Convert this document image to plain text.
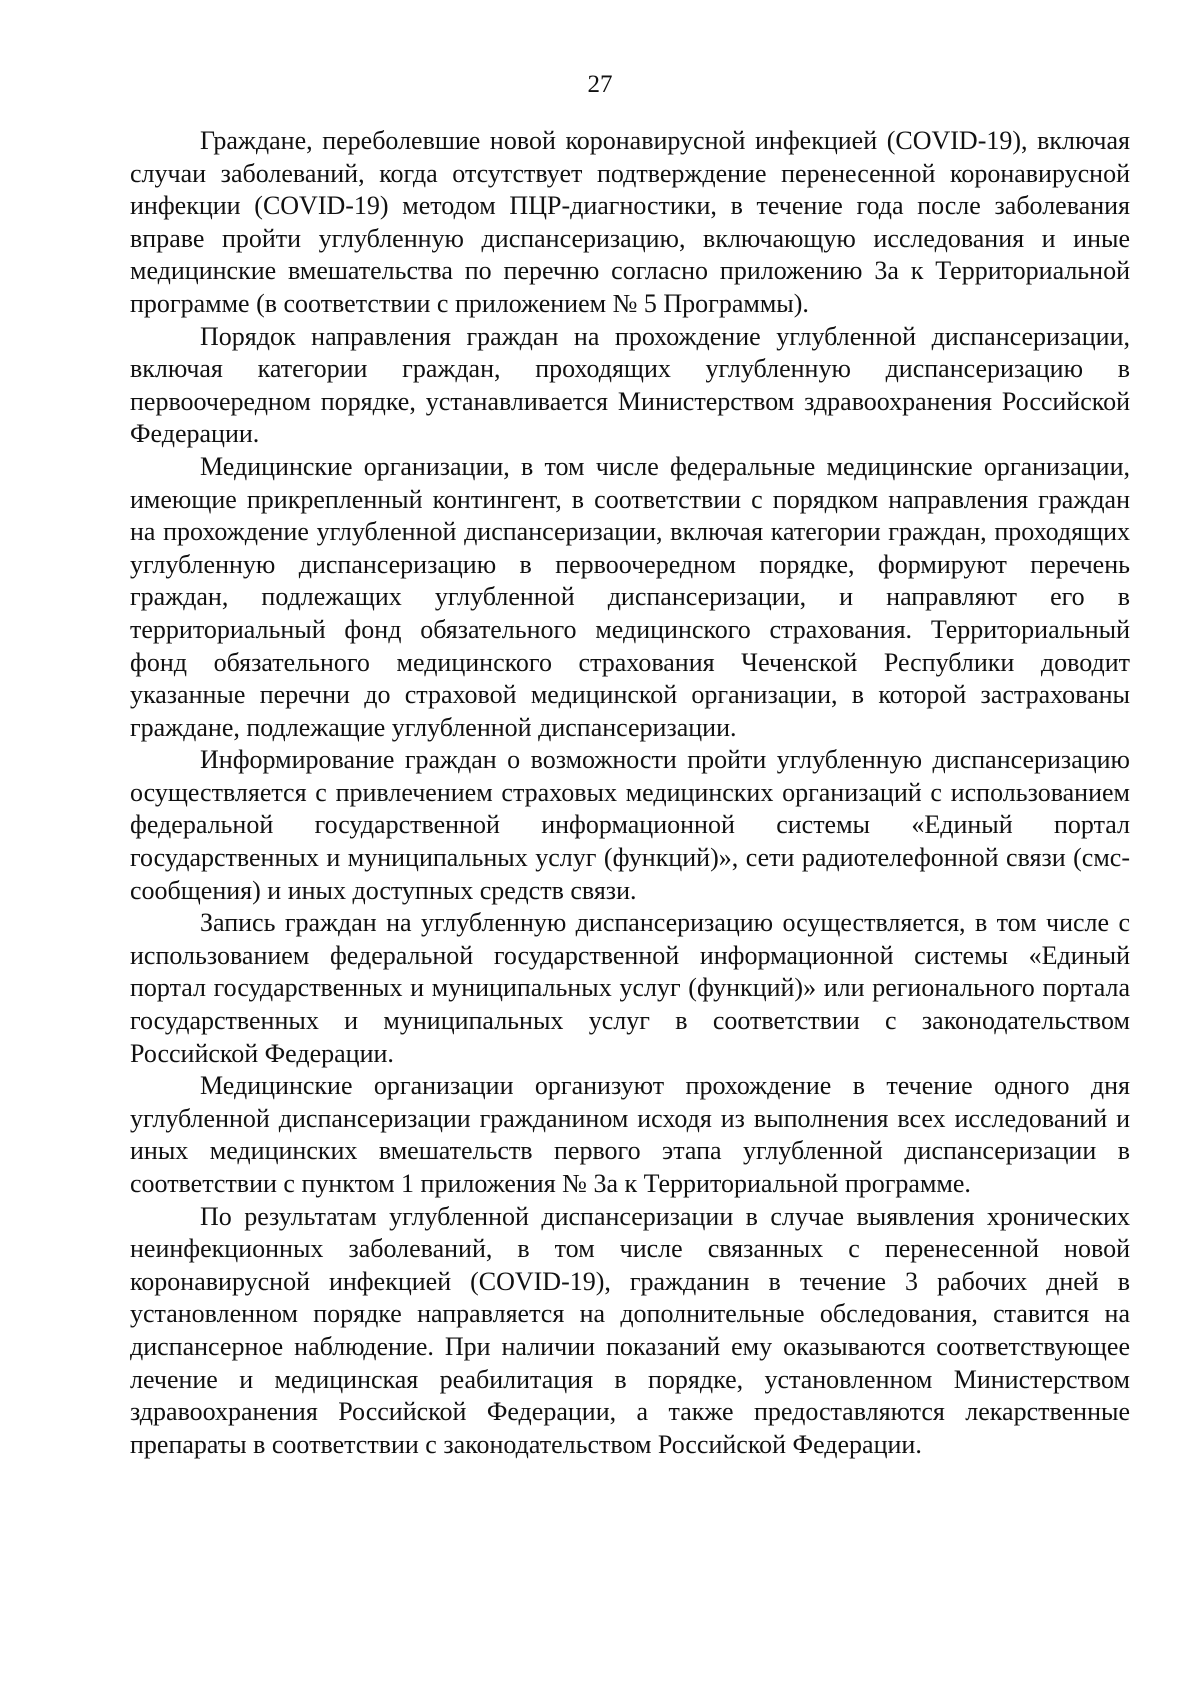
27

Граждане, переболевшие новой коронавирусной инфекцией (COVID-19), включая случаи заболеваний, когда отсутствует подтверждение перенесенной коронавирусной инфекции (COVID-19) методом ПЦР-диагностики, в течение года после заболевания вправе пройти углубленную диспансеризацию, включающую исследования и иные медицинские вмешательства по перечню согласно приложению 3а к Территориальной программе (в соответствии с приложением № 5 Программы).

Порядок направления граждан на прохождение углубленной диспансеризации, включая категории граждан, проходящих углубленную диспансеризацию в первоочередном порядке, устанавливается Министерством здравоохранения Российской Федерации.

Медицинские организации, в том числе федеральные медицинские организации, имеющие прикрепленный контингент, в соответствии с порядком направления граждан на прохождение углубленной диспансеризации, включая категории граждан, проходящих углубленную диспансеризацию в первоочередном порядке, формируют перечень граждан, подлежащих углубленной диспансеризации, и направляют его в территориальный фонд обязательного медицинского страхования. Территориальный фонд обязательного медицинского страхования Чеченской Республики доводит указанные перечни до страховой медицинской организации, в которой застрахованы граждане, подлежащие углубленной диспансеризации.

Информирование граждан о возможности пройти углубленную диспансеризацию осуществляется с привлечением страховых медицинских организаций с использованием федеральной государственной информационной системы «Единый портал государственных и муниципальных услуг (функций)», сети радиотелефонной связи (смс-сообщения) и иных доступных средств связи.

Запись граждан на углубленную диспансеризацию осуществляется, в том числе с использованием федеральной государственной информационной системы «Единый портал государственных и муниципальных услуг (функций)» или регионального портала государственных и муниципальных услуг в соответствии с законодательством Российской Федерации.

Медицинские организации организуют прохождение в течение одного дня углубленной диспансеризации гражданином исходя из выполнения всех исследований и иных медицинских вмешательств первого этапа углубленной диспансеризации в соответствии с пунктом 1 приложения № 3а к Территориальной программе.

По результатам углубленной диспансеризации в случае выявления хронических неинфекционных заболеваний, в том числе связанных с перенесенной новой коронавирусной инфекцией (COVID-19), гражданин в течение 3 рабочих дней в установленном порядке направляется на дополнительные обследования, ставится на диспансерное наблюдение. При наличии показаний ему оказываются соответствующее лечение и медицинская реабилитация в порядке, установленном Министерством здравоохранения Российской Федерации, а также предоставляются лекарственные препараты в соответствии с законодательством Российской Федерации.
